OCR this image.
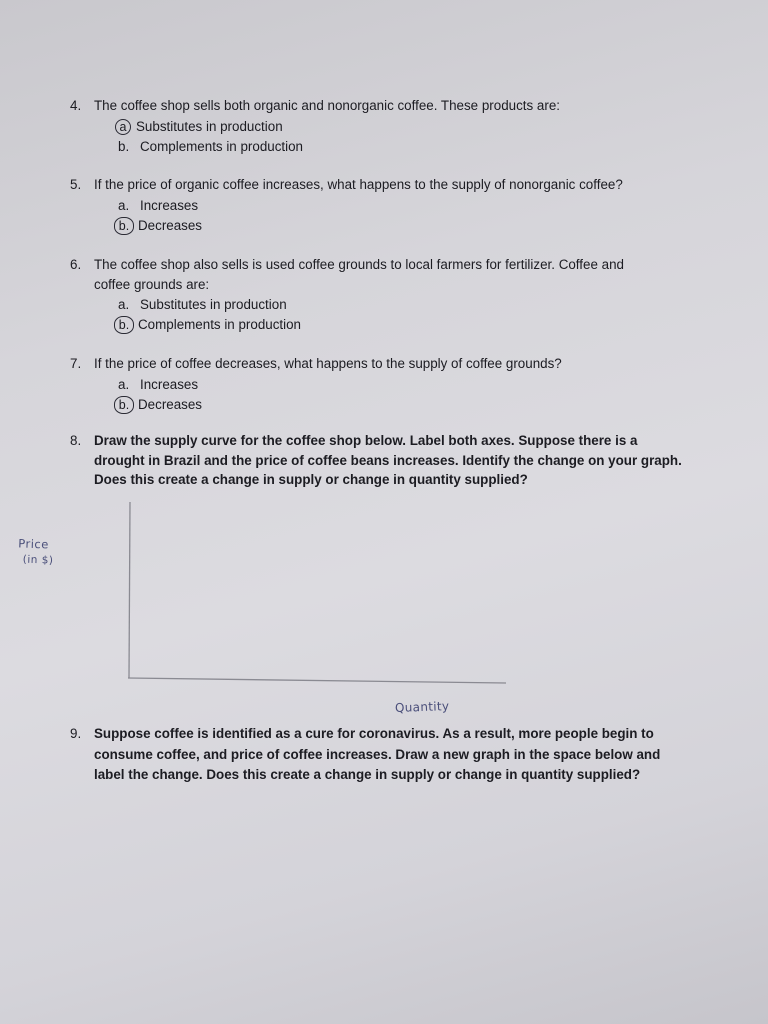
4. The coffee shop sells both organic and nonorganic coffee. These products are:
a Substitutes in production
b. Complements in production
5. If the price of organic coffee increases, what happens to the supply of nonorganic coffee?
a. Increases
b. Decreases
6. The coffee shop also sells is used coffee grounds to local farmers for fertilizer. Coffee and
coffee grounds are:
a. Substitutes in production
b. Complements in production
7. If the price of coffee decreases, what happens to the supply of coffee grounds?
a. Increases
b. Decreases
8. Draw the supply curve for the coffee shop below. Label both axes. Suppose there is a
drought in Brazil and the price of coffee beans increases. Identify the change on your graph.
Does this create a change in supply or change in quantity supplied?
Price
(in $)
Quantity
9. Suppose coffee is identified as a cure for coronavirus. As a result, more people begin to
consume coffee, and price of coffee increases. Draw a new graph in the space below and
label the change. Does this create a change in supply or change in quantity supplied?
